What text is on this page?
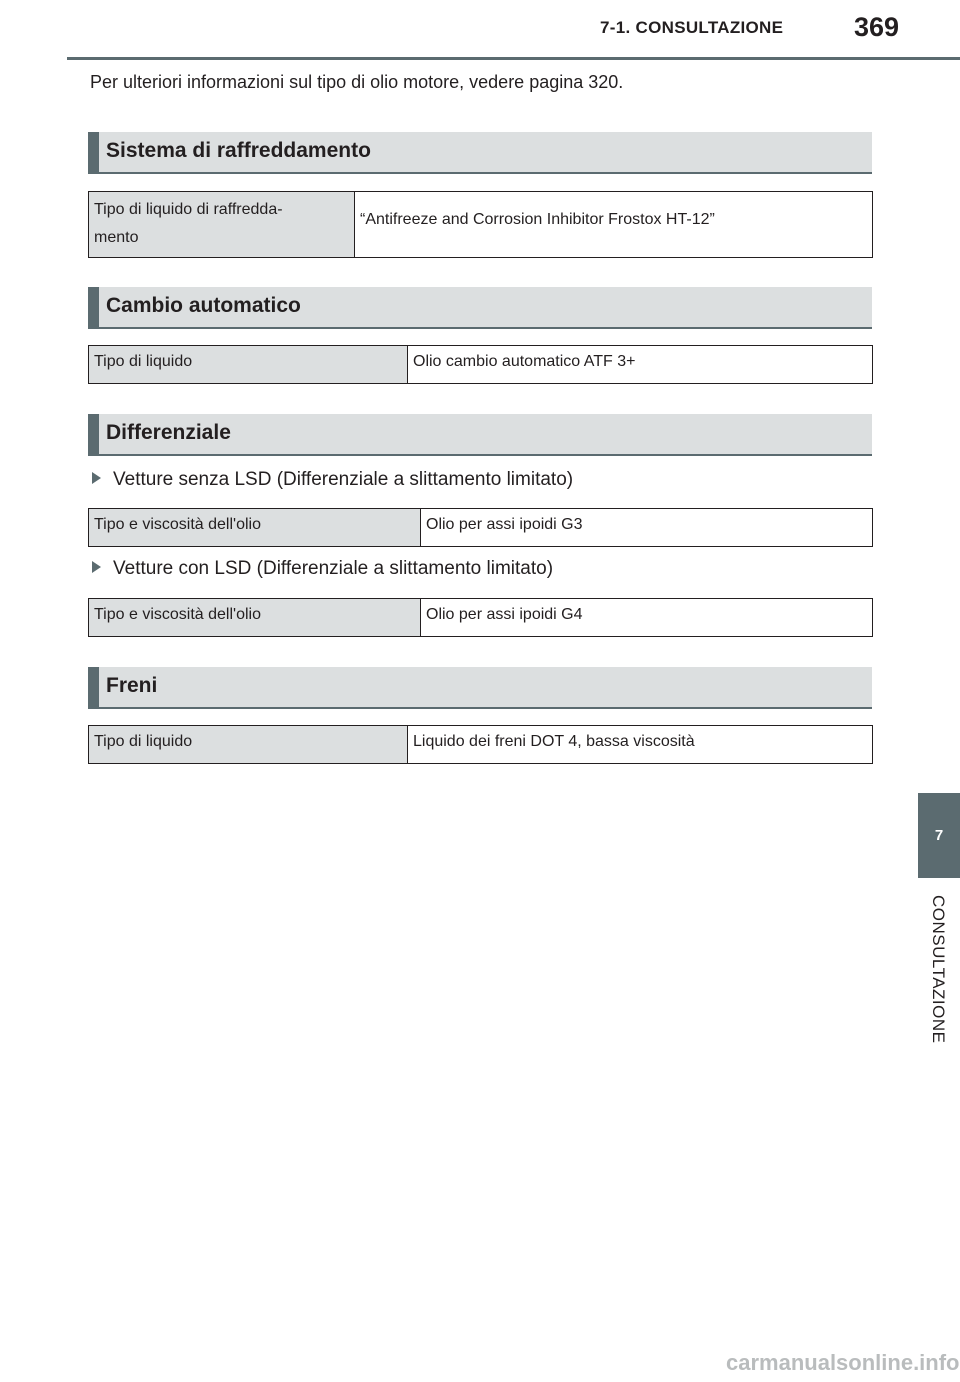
7-1. CONSULTAZIONE	369
Per ulteriori informazioni sul tipo di olio motore, vedere pagina 320.
Sistema di raffreddamento
Tipo di liquido di raffredda-
mento	“Antifreeze and Corrosion Inhibitor Frostox HT-12”
Cambio automatico
Tipo di liquido	Olio cambio automatico ATF 3+
Differenziale
Vetture senza LSD (Differenziale a slittamento limitato)
Tipo e viscosità dell'olio	Olio per assi ipoidi G3
Vetture con LSD (Differenziale a slittamento limitato)
Tipo e viscosità dell'olio	Olio per assi ipoidi G4
Freni
Tipo di liquido	Liquido dei freni DOT 4, bassa viscosità
7
CONSULTAZIONE
carmanualsonline.info
